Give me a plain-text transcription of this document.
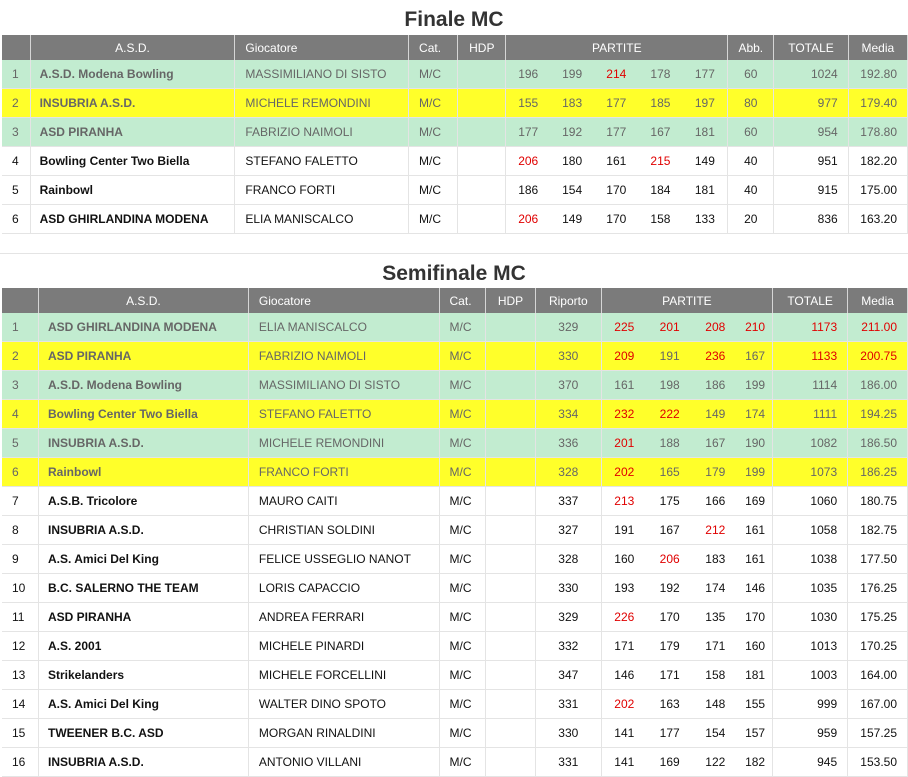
Finale MC
	A.S.D.	Giocatore	Cat.	HDP	PARTITE					Abb.	TOTALE	Media
1	A.S.D. Modena Bowling	MASSIMILIANO DI SISTO	M/C		196	199	214	178	177	60	1024	192.80
2	INSUBRIA A.S.D.	MICHELE REMONDINI	M/C		155	183	177	185	197	80	977	179.40
3	ASD PIRANHA	FABRIZIO NAIMOLI	M/C		177	192	177	167	181	60	954	178.80
4	Bowling Center Two Biella	STEFANO FALETTO	M/C		206	180	161	215	149	40	951	182.20
5	Rainbowl	FRANCO FORTI	M/C		186	154	170	184	181	40	915	175.00
6	ASD GHIRLANDINA MODENA	ELIA MANISCALCO	M/C		206	149	170	158	133	20	836	163.20
Semifinale MC
	A.S.D.	Giocatore	Cat.	HDP	Riporto	PARTITE				TOTALE	Media
1	ASD GHIRLANDINA MODENA	ELIA MANISCALCO	M/C		329	225	201	208	210	1173	211.00
2	ASD PIRANHA	FABRIZIO NAIMOLI	M/C		330	209	191	236	167	1133	200.75
3	A.S.D. Modena Bowling	MASSIMILIANO DI SISTO	M/C		370	161	198	186	199	1114	186.00
4	Bowling Center Two Biella	STEFANO FALETTO	M/C		334	232	222	149	174	1111	194.25
5	INSUBRIA A.S.D.	MICHELE REMONDINI	M/C		336	201	188	167	190	1082	186.50
6	Rainbowl	FRANCO FORTI	M/C		328	202	165	179	199	1073	186.25
7	A.S.B. Tricolore	MAURO CAITI	M/C		337	213	175	166	169	1060	180.75
8	INSUBRIA A.S.D.	CHRISTIAN SOLDINI	M/C		327	191	167	212	161	1058	182.75
9	A.S. Amici Del King	FELICE USSEGLIO NANOT	M/C		328	160	206	183	161	1038	177.50
10	B.C. SALERNO THE TEAM	LORIS CAPACCIO	M/C		330	193	192	174	146	1035	176.25
11	ASD PIRANHA	ANDREA FERRARI	M/C		329	226	170	135	170	1030	175.25
12	A.S. 2001	MICHELE PINARDI	M/C		332	171	179	171	160	1013	170.25
13	Strikelanders	MICHELE FORCELLINI	M/C		347	146	171	158	181	1003	164.00
14	A.S. Amici Del King	WALTER DINO SPOTO	M/C		331	202	163	148	155	999	167.00
15	TWEENER B.C. ASD	MORGAN RINALDINI	M/C		330	141	177	154	157	959	157.25
16	INSUBRIA A.S.D.	ANTONIO VILLANI	M/C		331	141	169	122	182	945	153.50
